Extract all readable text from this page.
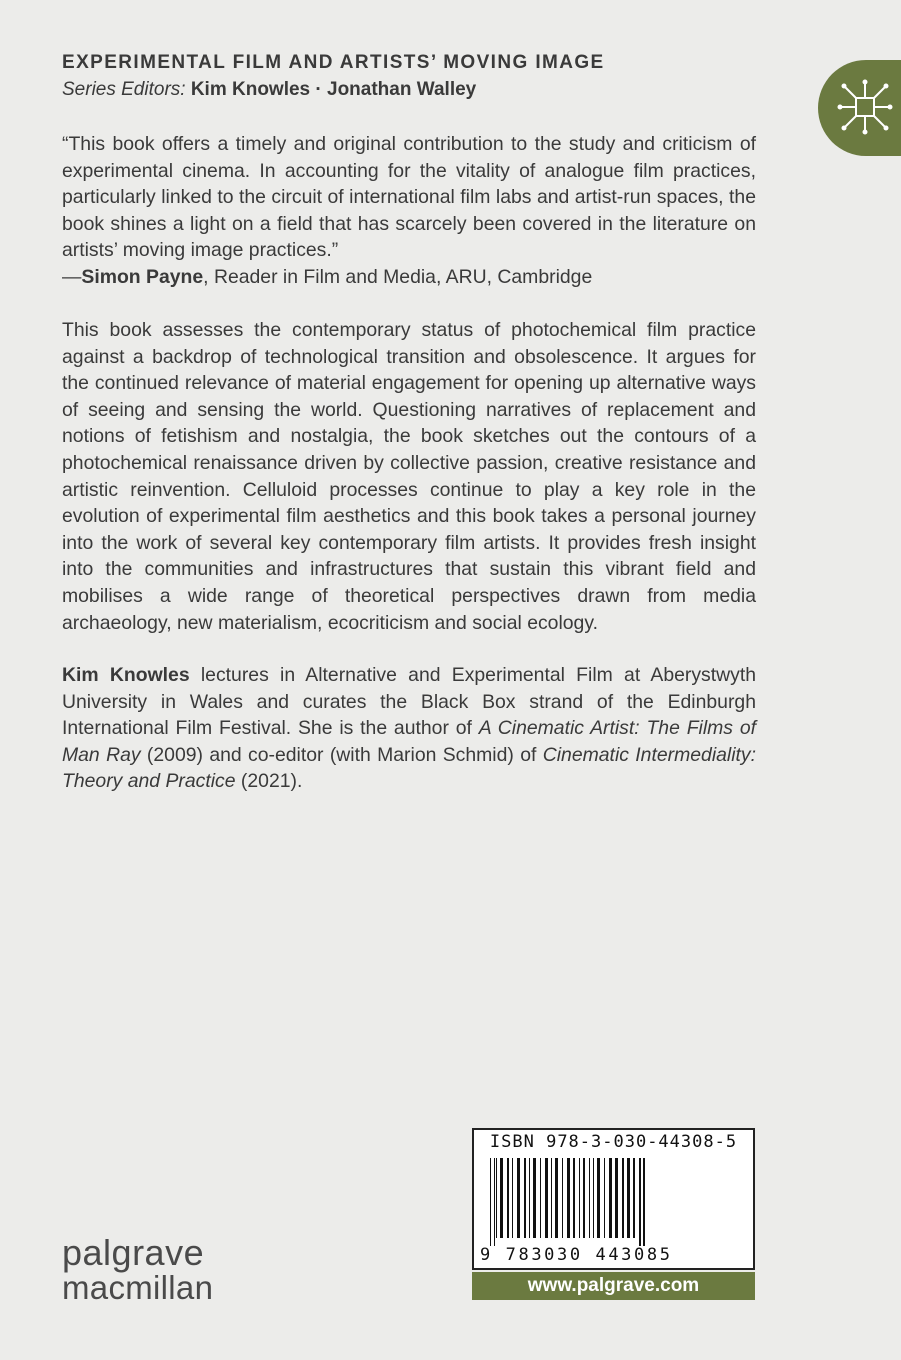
EXPERIMENTAL FILM AND ARTISTS’ MOVING IMAGE
Series Editors: Kim Knowles · Jonathan Walley

“This book offers a timely and original contribution to the study and criticism of experimental cinema. In accounting for the vitality of analogue film practices, particularly linked to the circuit of international film labs and artist-run spaces, the book shines a light on a field that has scarcely been covered in the literature on artists’ moving image practices.”

—Simon Payne, Reader in Film and Media, ARU, Cambridge

This book assesses the contemporary status of photochemical film practice against a backdrop of technological transition and obsolescence. It argues for the continued relevance of material engagement for opening up alternative ways of seeing and sensing the world. Questioning narratives of replacement and notions of fetishism and nostalgia, the book sketches out the contours of a photochemical renaissance driven by collective passion, creative resistance and artistic reinvention. Celluloid processes continue to play a key role in the evolution of experimental film aesthetics and this book takes a personal journey into the work of several key contemporary film artists. It provides fresh insight into the communities and infrastructures that sustain this vibrant field and mobilises a wide range of theoretical perspectives drawn from media archaeology, new materialism, ecocriticism and social ecology.

Kim Knowles lectures in Alternative and Experimental Film at Aberystwyth University in Wales and curates the Black Box strand of the Edinburgh International Film Festival. She is the author of A Cinematic Artist: The Films of Man Ray (2009) and co-editor (with Marion Schmid) of Cinematic Intermediality: Theory and Practice (2021).

palgrave
macmillan
ISBN 978-3-030-44308-5
9 783030 443085
www.palgrave.com
